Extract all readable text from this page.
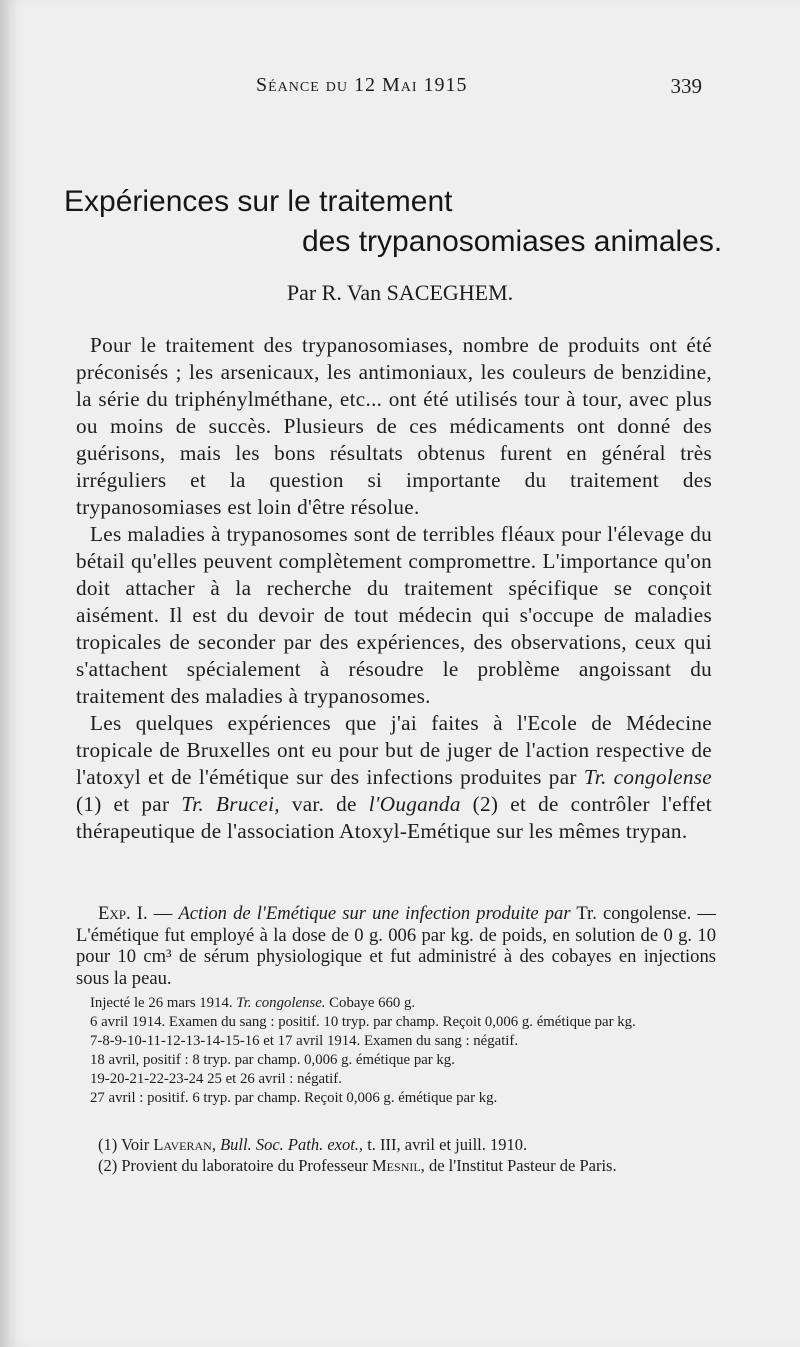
Séance du 12 Mai 1915	339
Expériences sur le traitement
des trypanosomiases animales.
Par R. Van SACEGHEM.

Pour le traitement des trypanosomiases, nombre de produits ont été préconisés ; les arsenicaux, les antimoniaux, les couleurs de benzidine, la série du triphénylméthane, etc... ont été utilisés tour à tour, avec plus ou moins de succès. Plusieurs de ces médicaments ont donné des guérisons, mais les bons résultats obtenus furent en général très irréguliers et la question si importante du traitement des trypanosomiases est loin d'être résolue.

Les maladies à trypanosomes sont de terribles fléaux pour l'élevage du bétail qu'elles peuvent complètement compromettre. L'importance qu'on doit attacher à la recherche du traitement spécifique se conçoit aisément. Il est du devoir de tout médecin qui s'occupe de maladies tropicales de seconder par des expériences, des observations, ceux qui s'attachent spécialement à résoudre le problème angoissant du traitement des maladies à trypanosomes.

Les quelques expériences que j'ai faites à l'Ecole de Médecine tropicale de Bruxelles ont eu pour but de juger de l'action respective de l'atoxyl et de l'émétique sur des infections produites par Tr. congolense (1) et par Tr. Brucei, var. de l'Ouganda (2) et de contrôler l'effet thérapeutique de l'association Atoxyl-Emétique sur les mêmes trypan.

Exp. I. — Action de l'Emétique sur une infection produite par Tr. congolense. — L'émétique fut employé à la dose de 0 g. 006 par kg. de poids, en solution de 0 g. 10 pour 10 cm³ de sérum physiologique et fut administré à des cobayes en injections sous la peau.

Injecté le 26 mars 1914. Tr. congolense. Cobaye 660 g.

6 avril 1914. Examen du sang : positif. 10 tryp. par champ. Reçoit 0,006 g. émétique par kg.

7-8-9-10-11-12-13-14-15-16 et 17 avril 1914. Examen du sang : négatif.

18 avril, positif : 8 tryp. par champ. 0,006 g. émétique par kg.

19-20-21-22-23-24 25 et 26 avril : négatif.

27 avril : positif. 6 tryp. par champ. Reçoit 0,006 g. émétique par kg.

(1) Voir Laveran, Bull. Soc. Path. exot., t. III, avril et juill. 1910.

(2) Provient du laboratoire du Professeur Mesnil, de l'Institut Pasteur de Paris.
